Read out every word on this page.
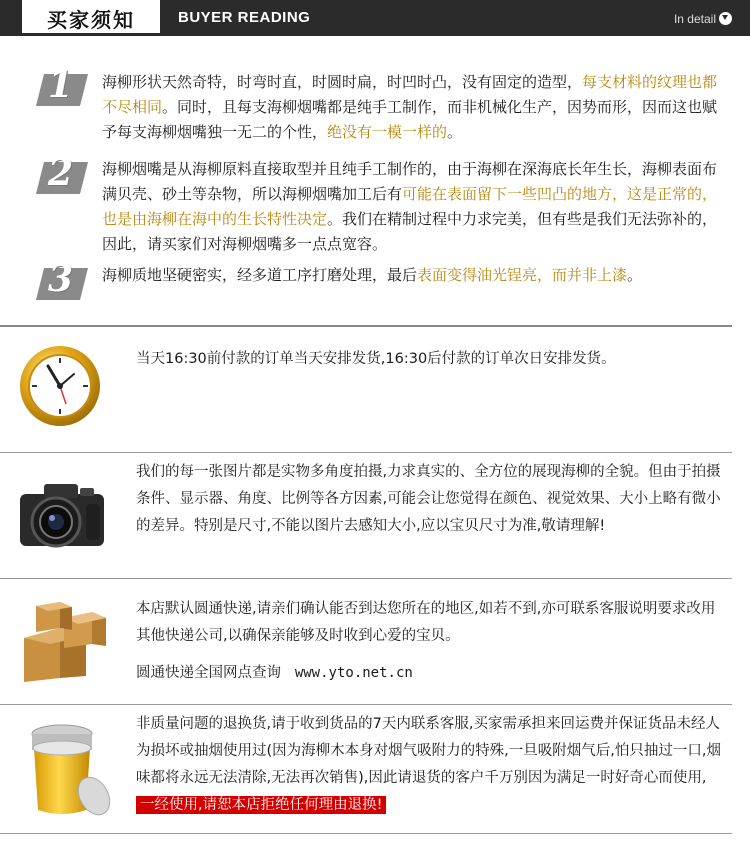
买家须知	BUYER READING	In detail
1 海柳形状天然奇特，时弯时直，时圆时扁，时凹时凸，没有固定的造型，每支材料的纹理也都不尽相同。同时，且每支海柳烟嘴都是纯手工制作，而非机械化生产，因势而形，因而这也赋予每支海柳烟嘴独一无二的个性，绝没有一模一样的。
2 海柳烟嘴是从海柳原料直接取型并且纯手工制作的，由于海柳在深海底长年生长，海柳表面布满贝壳、砂土等杂物，所以海柳烟嘴加工后有可能在表面留下一些凹凸的地方，这是正常的，也是由海柳在海中的生长特性决定。我们在精制过程中力求完美，但有些是我们无法弥补的，因此，请买家们对海柳烟嘴多一点点宽容。
3 海柳质地坚硬密实，经多道工序打磨处理，最后表面变得油光锃亮，而并非上漆。
当天16:30前付款的订单当天安排发货,16:30后付款的订单次日安排发货。
我们的每一张图片都是实物多角度拍摄,力求真实的、全方位的展现海柳的全貌。但由于拍摄条件、显示器、角度、比例等各方因素,可能会让您觉得在颜色、视觉效果、大小上略有微小的差异。特别是尺寸,不能以图片去感知大小,应以宝贝尺寸为准,敬请理解!
本店默认圆通快递,请亲们确认能否到达您所在的地区,如若不到,亦可联系客服说明要求改用其他快递公司,以确保亲能够及时收到心爱的宝贝。
圆通快递全国网点查询 www.yto.net.cn
非质量问题的退换货,请于收到货品的7天内联系客服,买家需承担来回运费并保证货品未经人为损坏或抽烟使用过(因为海柳木本身对烟气吸附力的特殊,一旦吸附烟气后,怕只抽过一口,烟味都将永远无法清除,无法再次销售),因此请退货的客户千万别因为满足一时好奇心而使用,一经使用,请恕本店拒绝任何理由退换!
